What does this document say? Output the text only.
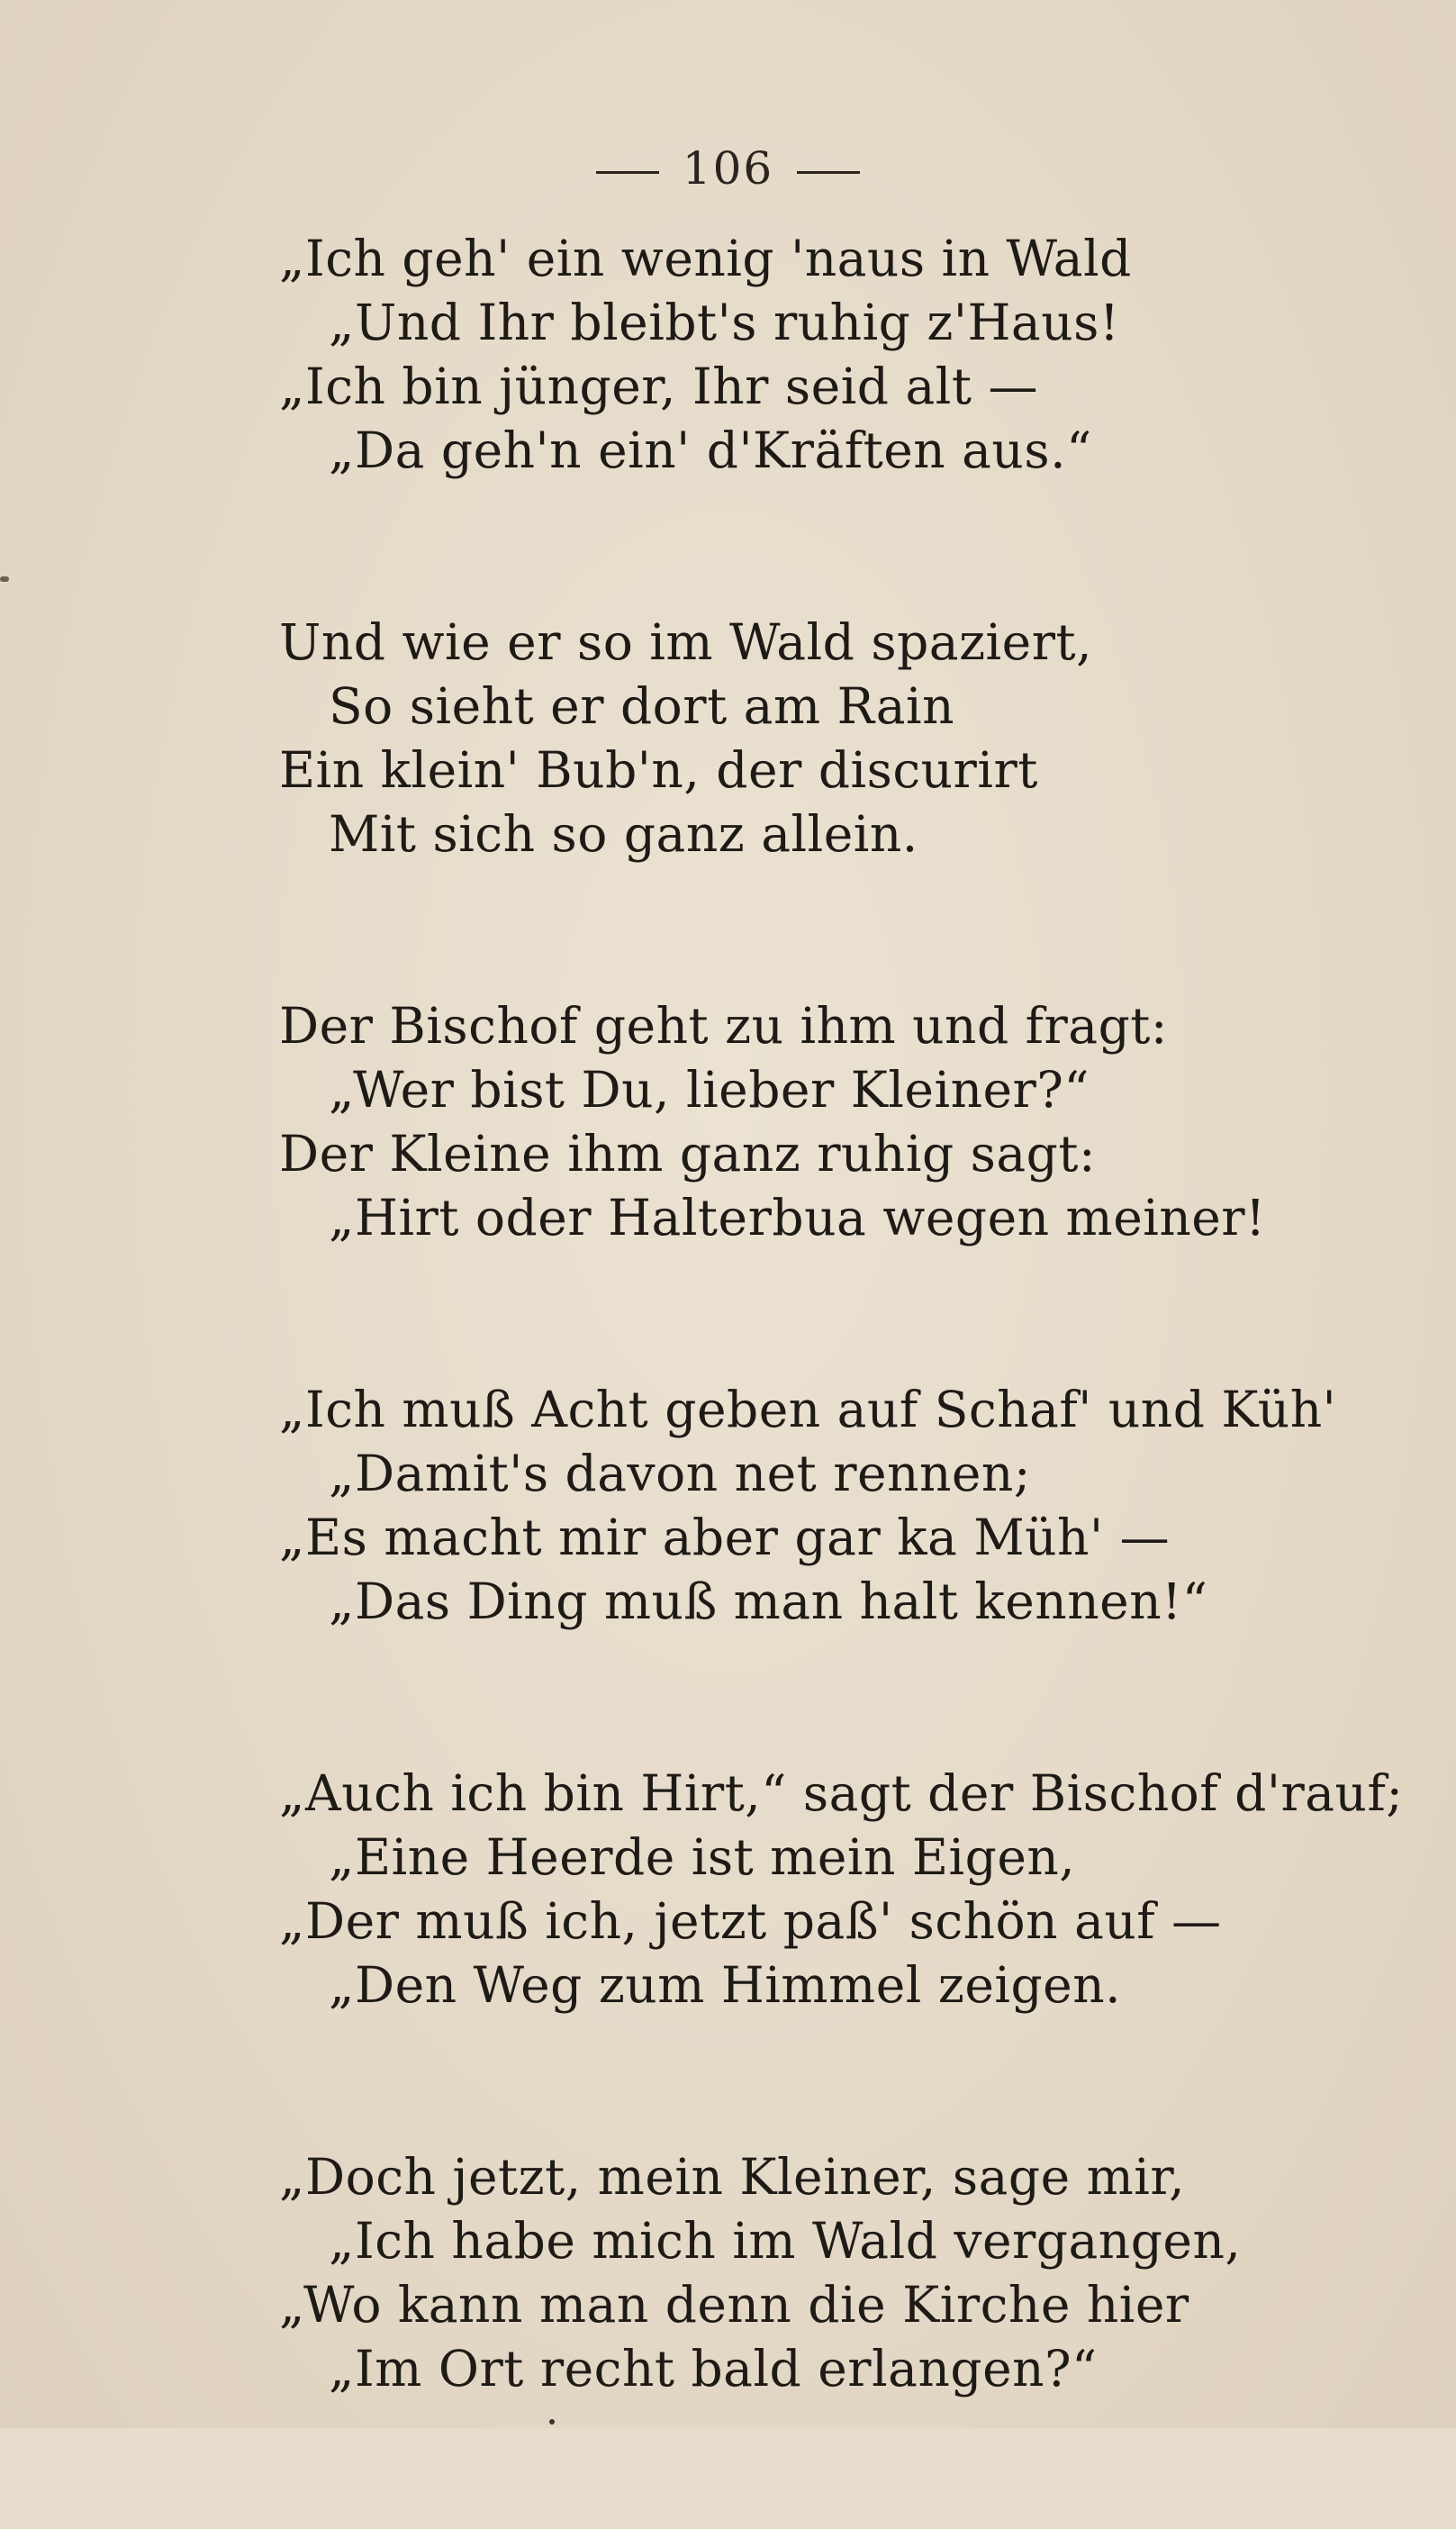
106
„Ich geh' ein wenig 'naus in Wald
„Und Ihr bleibt's ruhig z'Haus!
„Ich bin jünger, Ihr seid alt —
„Da geh'n ein' d'Kräften aus.“
Und wie er so im Wald spaziert,
So sieht er dort am Rain
Ein klein' Bub'n, der discurirt
Mit sich so ganz allein.
Der Bischof geht zu ihm und fragt:
„Wer bist Du, lieber Kleiner?“
Der Kleine ihm ganz ruhig sagt:
„Hirt oder Halterbua wegen meiner!
„Ich muß Acht geben auf Schaf' und Küh'
„Damit's davon net rennen;
„Es macht mir aber gar ka Müh' —
„Das Ding muß man halt kennen!“
„Auch ich bin Hirt,“ sagt der Bischof d'rauf;
„Eine Heerde ist mein Eigen,
„Der muß ich, jetzt paß' schön auf —
„Den Weg zum Himmel zeigen.
„Doch jetzt, mein Kleiner, sage mir,
„Ich habe mich im Wald vergangen,
„Wo kann man denn die Kirche hier
„Im Ort recht bald erlangen?“
